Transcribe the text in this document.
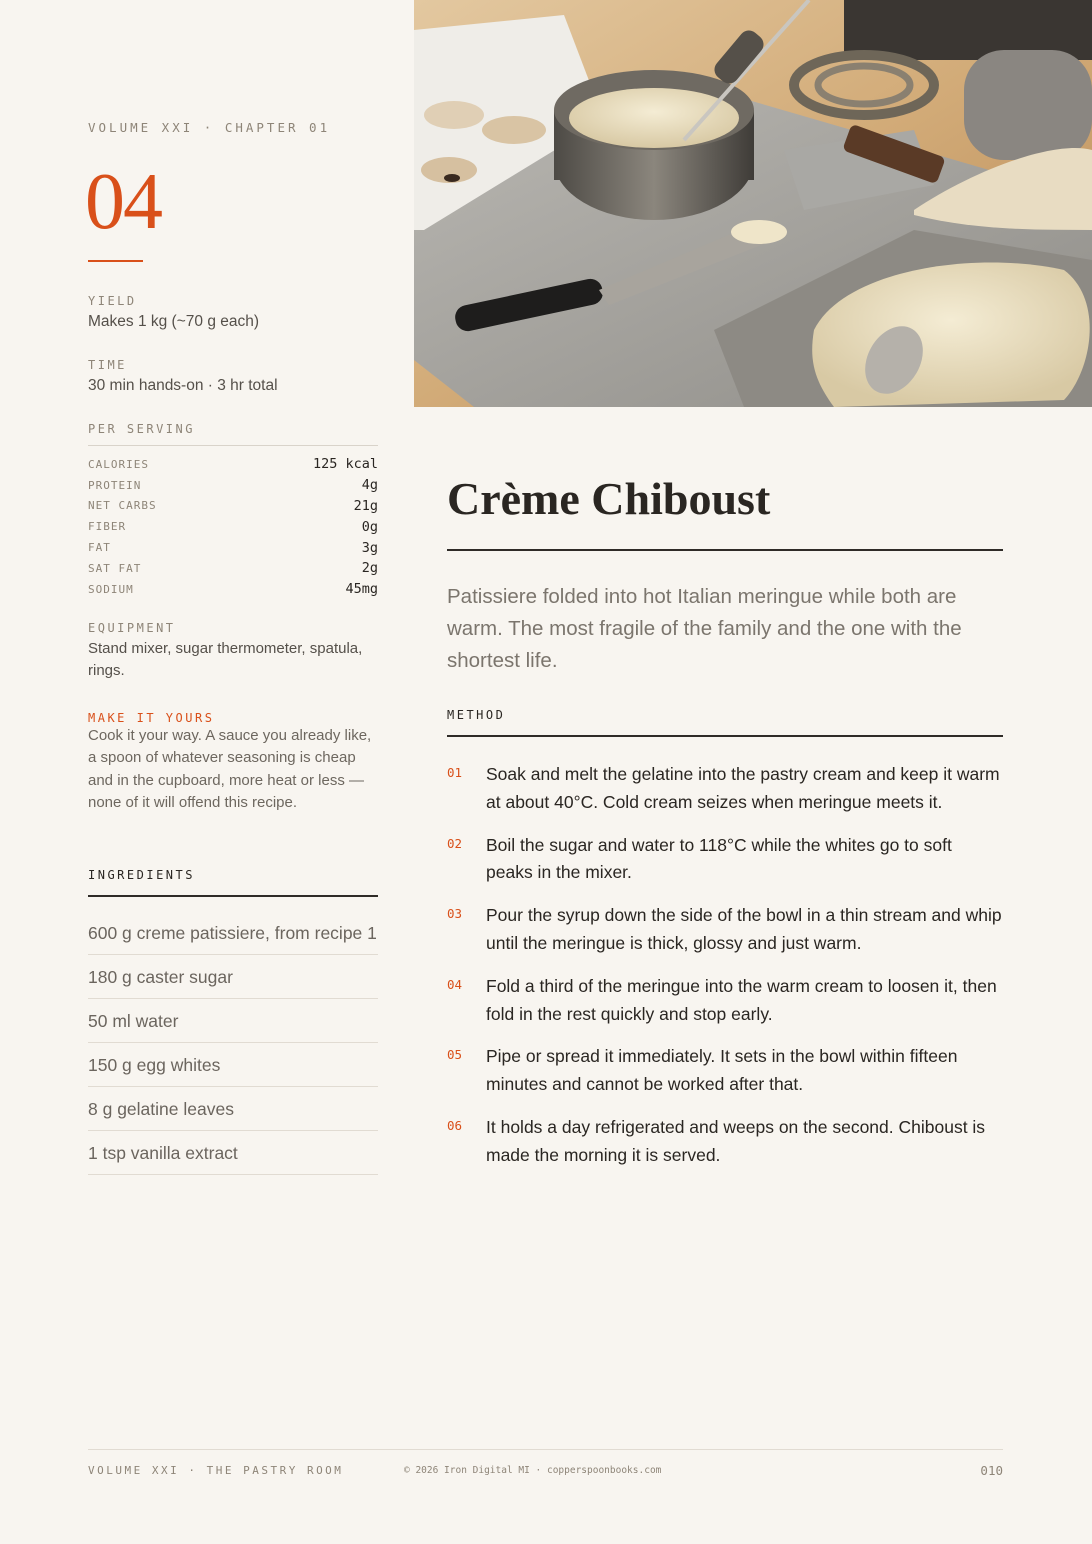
VOLUME XXI · CHAPTER 01
04
YIELD
Makes 1 kg (~70 g each)
TIME
30 min hands-on · 3 hr total
PER SERVING
CALORIES	125 kcal
PROTEIN	4g
NET CARBS	21g
FIBER	0g
FAT	3g
SAT FAT	2g
SODIUM	45mg
EQUIPMENT
Stand mixer, sugar thermometer, spatula, rings.
MAKE IT YOURS
Cook it your way. A sauce you already like, a spoon of whatever seasoning is cheap and in the cupboard, more heat or less — none of it will offend this recipe.
INGREDIENTS
600 g creme patissiere, from recipe 1
180 g caster sugar
50 ml water
150 g egg whites
8 g gelatine leaves
1 tsp vanilla extract
Crème Chiboust

Patissiere folded into hot Italian meringue while both are warm. The most fragile of the family and the one with the shortest life.

METHOD
01	Soak and melt the gelatine into the pastry cream and keep it warm at about 40°C. Cold cream seizes when meringue meets it.
02	Boil the sugar and water to 118°C while the whites go to soft peaks in the mixer.
03	Pour the syrup down the side of the bowl in a thin stream and whip until the meringue is thick, glossy and just warm.
04	Fold a third of the meringue into the warm cream to loosen it, then fold in the rest quickly and stop early.
05	Pipe or spread it immediately. It sets in the bowl within fifteen minutes and cannot be worked after that.
06	It holds a day refrigerated and weeps on the second. Chiboust is made the morning it is served.
VOLUME XXI · THE PASTRY ROOM	© 2026 Iron Digital MI · copperspoonbooks.com	010
